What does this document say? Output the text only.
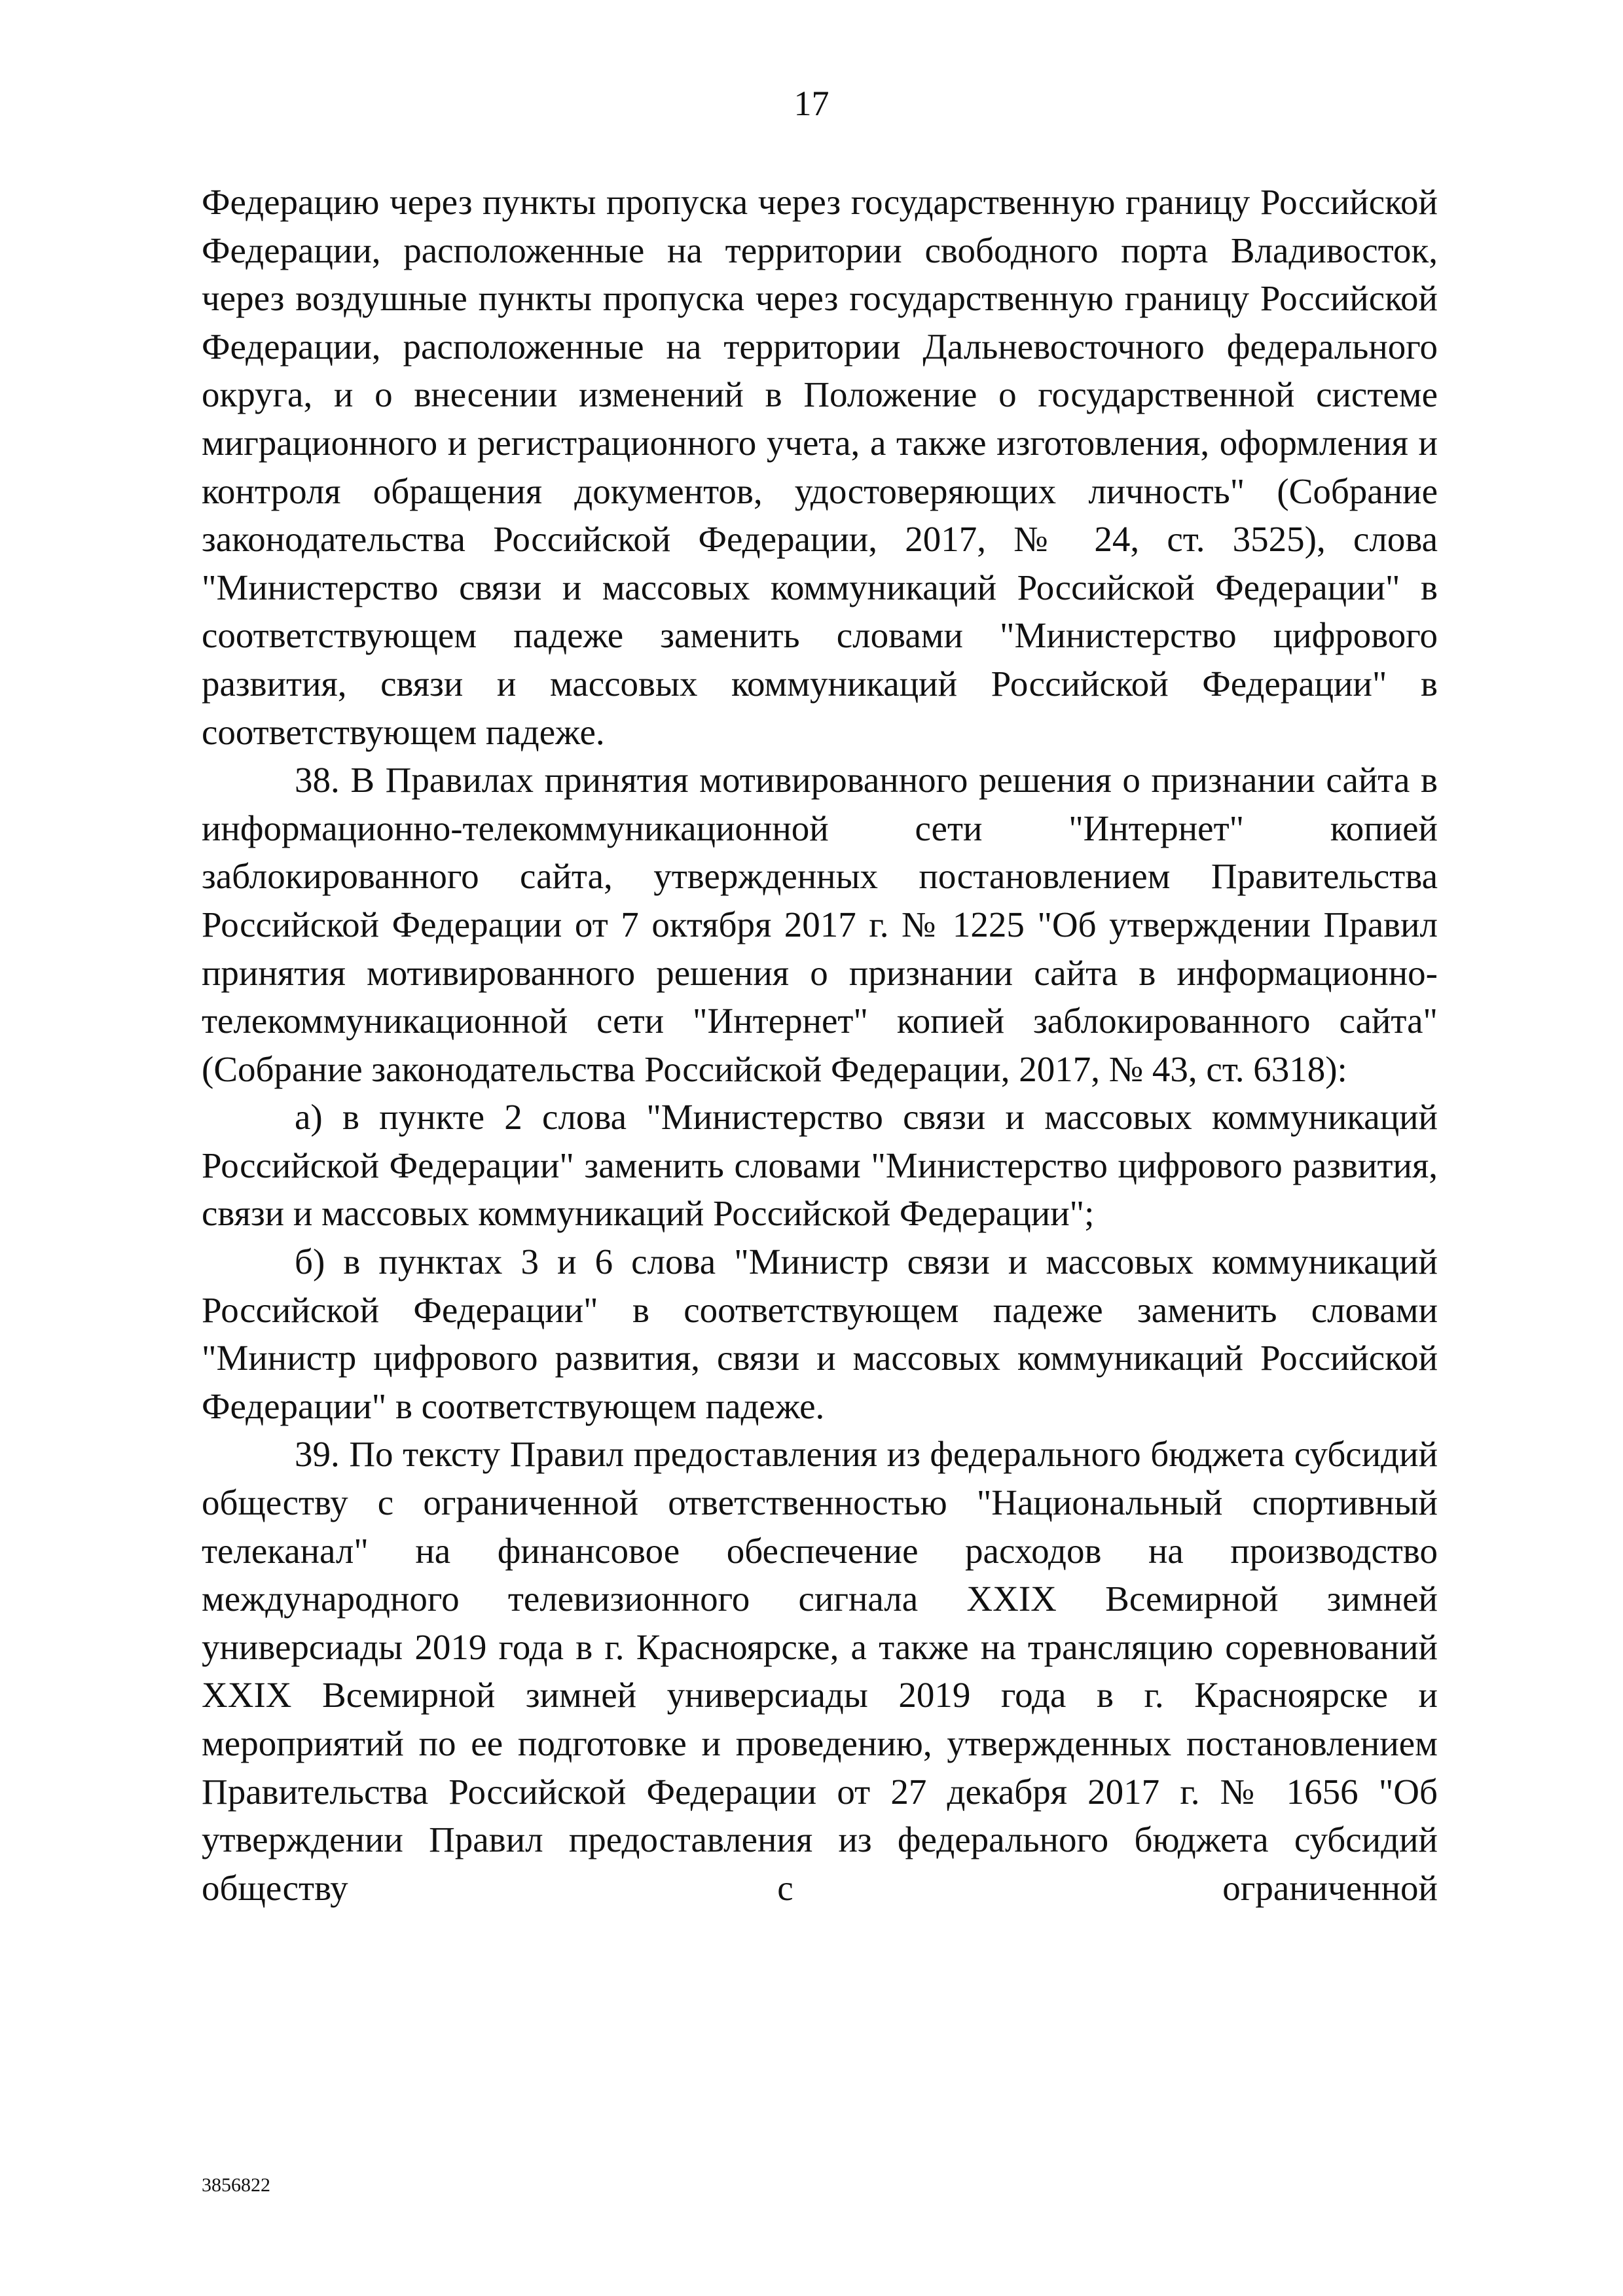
17

Федерацию через пункты пропуска через государственную границу Российской Федерации, расположенные на территории свободного порта Владивосток, через воздушные пункты пропуска через государственную границу Российской Федерации, расположенные на территории Дальневосточного федерального округа, и о внесении изменений в Положение о государственной системе миграционного и регистрационного учета, а также изготовления, оформления и контроля обращения документов, удостоверяющих личность" (Собрание законодательства Российской Федерации, 2017, № 24, ст. 3525), слова "Министерство связи и массовых коммуникаций Российской Федерации" в соответствующем падеже заменить словами "Министерство цифрового развития, связи и массовых коммуникаций Российской Федерации" в соответствующем падеже.

38. В Правилах принятия мотивированного решения о признании сайта в информационно-телекоммуникационной сети "Интернет" копией заблокированного сайта, утвержденных постановлением Правительства Российской Федерации от 7 октября 2017 г. № 1225 "Об утверждении Правил принятия мотивированного решения о признании сайта в информационно-телекоммуникационной сети "Интернет" копией заблокированного сайта" (Собрание законодательства Российской Федерации, 2017, № 43, ст. 6318):

а) в пункте 2 слова "Министерство связи и массовых коммуникаций Российской Федерации" заменить словами "Министерство цифрового развития, связи и массовых коммуникаций Российской Федерации";

б) в пунктах 3 и 6 слова "Министр связи и массовых коммуникаций Российской Федерации" в соответствующем падеже заменить словами "Министр цифрового развития, связи и массовых коммуникаций Российской Федерации" в соответствующем падеже.

39. По тексту Правил предоставления из федерального бюджета субсидий обществу с ограниченной ответственностью "Национальный спортивный телеканал" на финансовое обеспечение расходов на производство международного телевизионного сигнала XXIX Всемирной зимней универсиады 2019 года в г. Красноярске, а также на трансляцию соревнований XXIX Всемирной зимней универсиады 2019 года в г. Красноярске и мероприятий по ее подготовке и проведению, утвержденных постановлением Правительства Российской Федерации от 27 декабря 2017 г. № 1656 "Об утверждении Правил предоставления из федерального бюджета субсидий обществу с ограниченной

3856822
